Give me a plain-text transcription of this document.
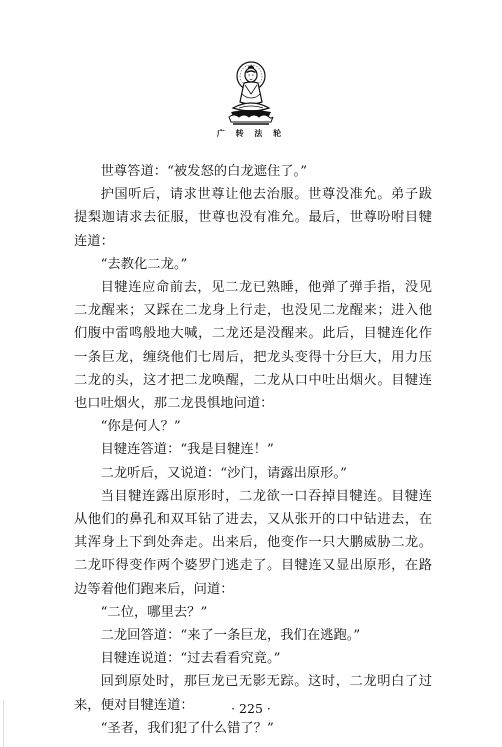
广 转 法 轮

世尊答道：“被发怒的白龙遮住了。”

护国听后，请求世尊让他去治服。世尊没准允。弟子跋提梨迦请求去征服，世尊也没有准允。最后，世尊吩咐目犍连道：

“去教化二龙。”

目犍连应命前去，见二龙已熟睡，他弹了弹手指，没见二龙醒来；又踩在二龙身上行走，也没见二龙醒来；进入他们腹中雷鸣般地大喊，二龙还是没醒来。此后，目犍连化作一条巨龙，缠绕他们七周后，把龙头变得十分巨大，用力压二龙的头，这才把二龙唤醒，二龙从口中吐出烟火。目犍连也口吐烟火，那二龙畏惧地问道：

“你是何人？”

目犍连答道：“我是目犍连！”

二龙听后，又说道：“沙门，请露出原形。”

当目犍连露出原形时，二龙欲一口吞掉目犍连。目犍连从他们的鼻孔和双耳钻了进去，又从张开的口中钻进去，在其浑身上下到处奔走。出来后，他变作一只大鹏威胁二龙。二龙吓得变作两个婆罗门逃走了。目犍连又显出原形，在路边等着他们跑来后，问道：

“二位，哪里去？”

二龙回答道：“来了一条巨龙，我们在逃跑。”

目犍连说道：“过去看看究竟。”

回到原处时，那巨龙已无影无踪。这时，二龙明白了过来，便对目犍连道：

“圣者，我们犯了什么错了？”

· 225 ·
